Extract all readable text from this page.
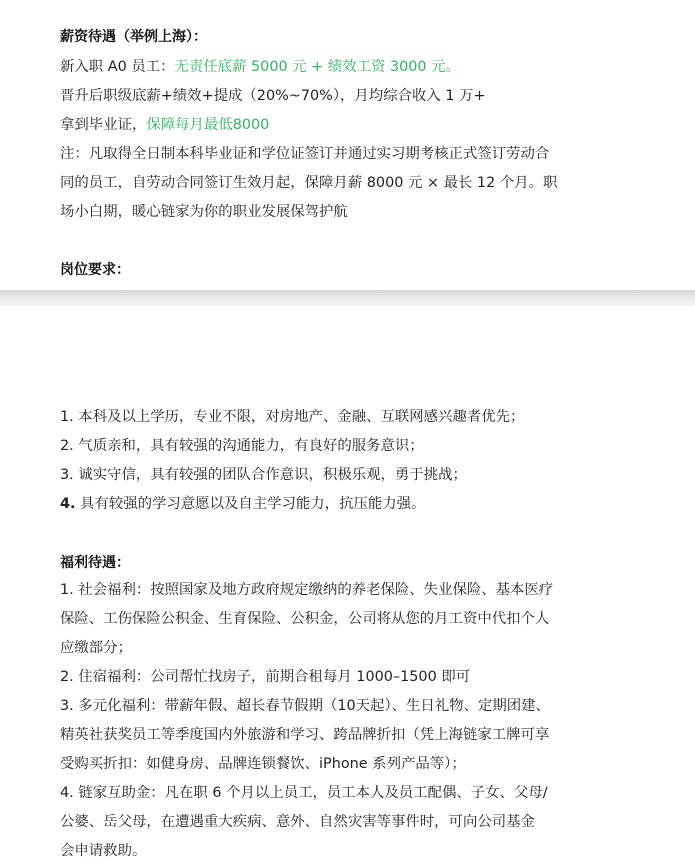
薪资待遇（举例上海）：
新入职 A0 员工：无责任底薪 5000 元 + 绩效工资 3000 元。
晋升后职级底薪+绩效+提成（20%~70%），月均综合收入 1 万+
拿到毕业证，保障每月最低8000
注：凡取得全日制本科毕业证和学位证签订并通过实习期考核正式签订劳动合
同的员工，自劳动合同签订生效月起，保障月薪 8000 元 × 最长 12 个月。职
场小白期，暖心链家为你的职业发展保驾护航
岗位要求：
1. 本科及以上学历，专业不限，对房地产、金融、互联网感兴趣者优先；
2. 气质亲和，具有较强的沟通能力，有良好的服务意识；
3. 诚实守信，具有较强的团队合作意识，积极乐观，勇于挑战；
4. 具有较强的学习意愿以及自主学习能力，抗压能力强。
福利待遇：
1. 社会福利：按照国家及地方政府规定缴纳的养老保险、失业保险、基本医疗
保险、工伤保险公积金、生育保险、公积金，公司将从您的月工资中代扣个人
应缴部分；
2. 住宿福利：公司帮忙找房子，前期合租每月 1000–1500 即可
3. 多元化福利：带薪年假、超长春节假期（10天起）、生日礼物、定期团建、
精英社获奖员工等季度国内外旅游和学习、跨品牌折扣（凭上海链家工牌可享
受购买折扣：如健身房、品牌连锁餐饮、iPhone 系列产品等）；
4. 链家互助金：凡在职 6 个月以上员工，员工本人及员工配偶、子女、父母/
公婆、岳父母，在遭遇重大疾病、意外、自然灾害等事件时，可向公司基金
会申请救助。
